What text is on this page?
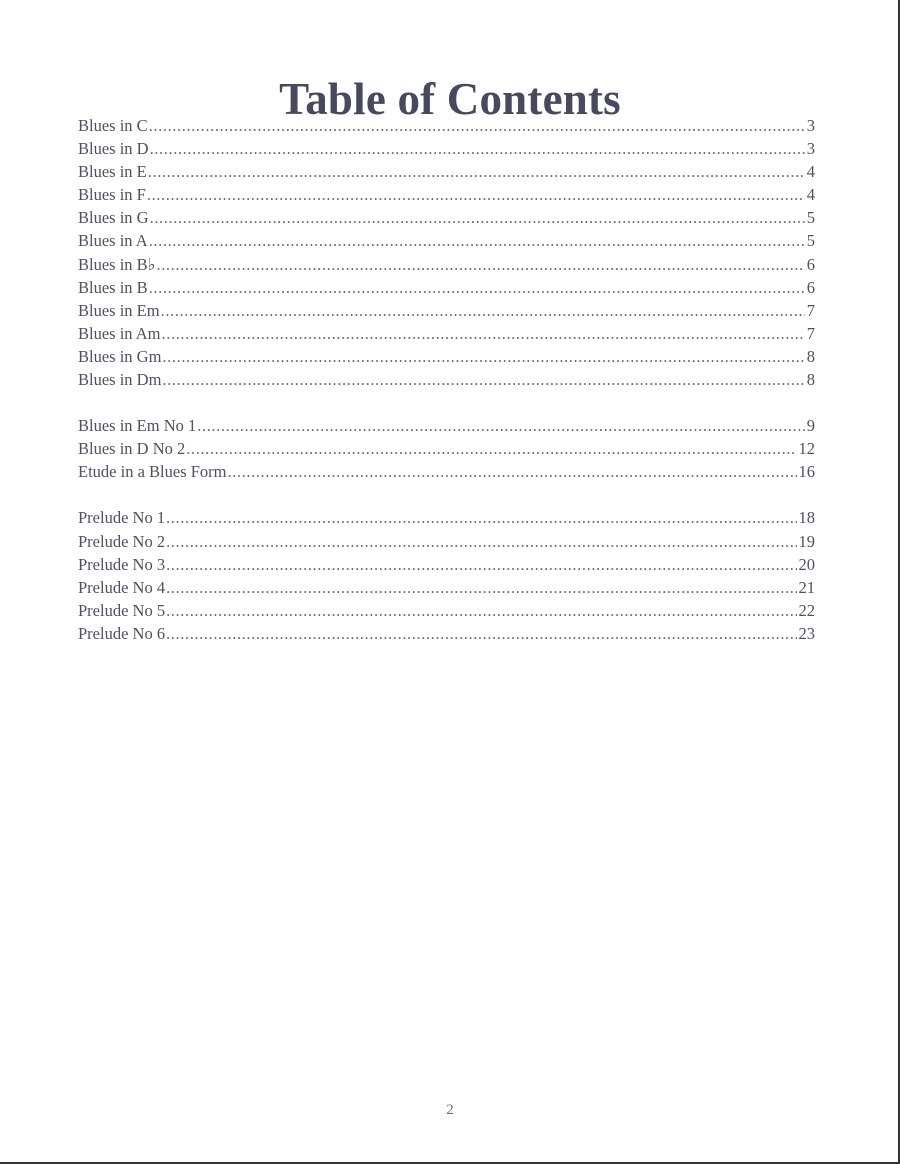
Table of Contents
Blues in C .....	3
Blues in D .....	3
Blues in E .....	4
Blues in F .....	4
Blues in G .....	5
Blues in A .....	5
Blues in B♭ .....	6
Blues in B .....	6
Blues in Em .....	7
Blues in Am .....	7
Blues in Gm .....	8
Blues in Dm .....	8
Blues in Em No 1 .....	9
Blues in D No 2 .....	12
Etude in a Blues Form .....	16
Prelude No 1 .....	18
Prelude No 2 .....	19
Prelude No 3 .....	20
Prelude No 4 .....	21
Prelude No 5 .....	22
Prelude No 6 .....	23
2
